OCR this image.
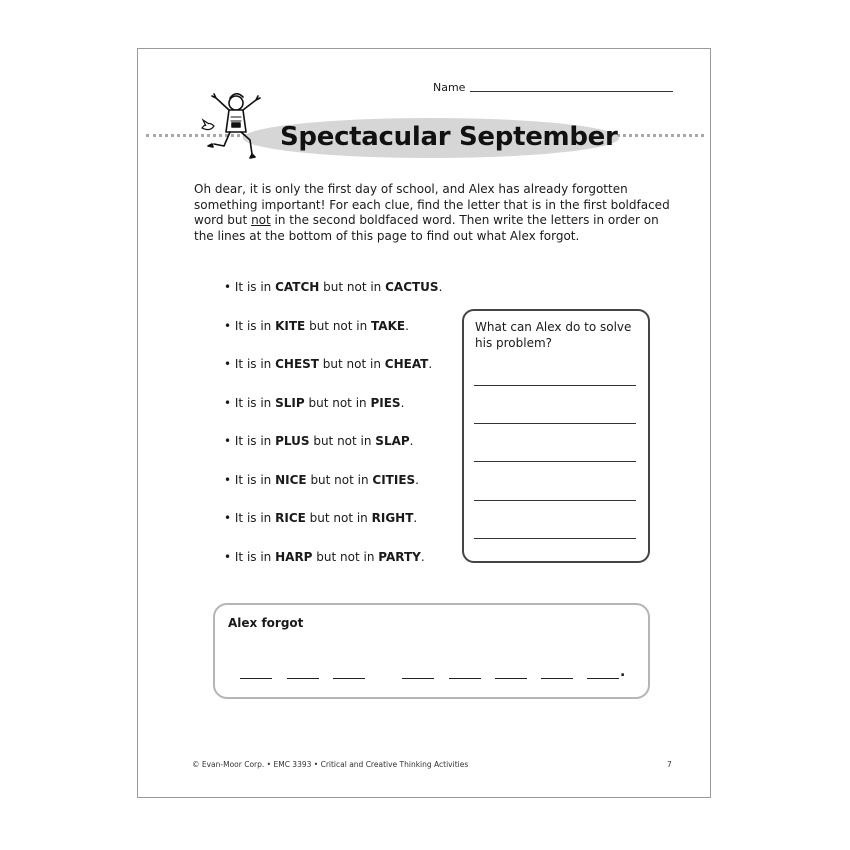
Name
Spectacular September

Oh dear, it is only the first day of school, and Alex has already forgotten something important! For each clue, find the letter that is in the first boldfaced word but not in the second boldfaced word. Then write the letters in order on the lines at the bottom of this page to find out what Alex forgot.

• It is in CATCH but not in CACTUS.
• It is in KITE but not in TAKE.
• It is in CHEST but not in CHEAT.
• It is in SLIP but not in PIES.
• It is in PLUS but not in SLAP.
• It is in NICE but not in CITIES.
• It is in RICE but not in RIGHT.
• It is in HARP but not in PARTY.
What can Alex do to solve his problem?
Alex forgot
.
© Evan-Moor Corp. • EMC 3393 • Critical and Creative Thinking Activities	7
